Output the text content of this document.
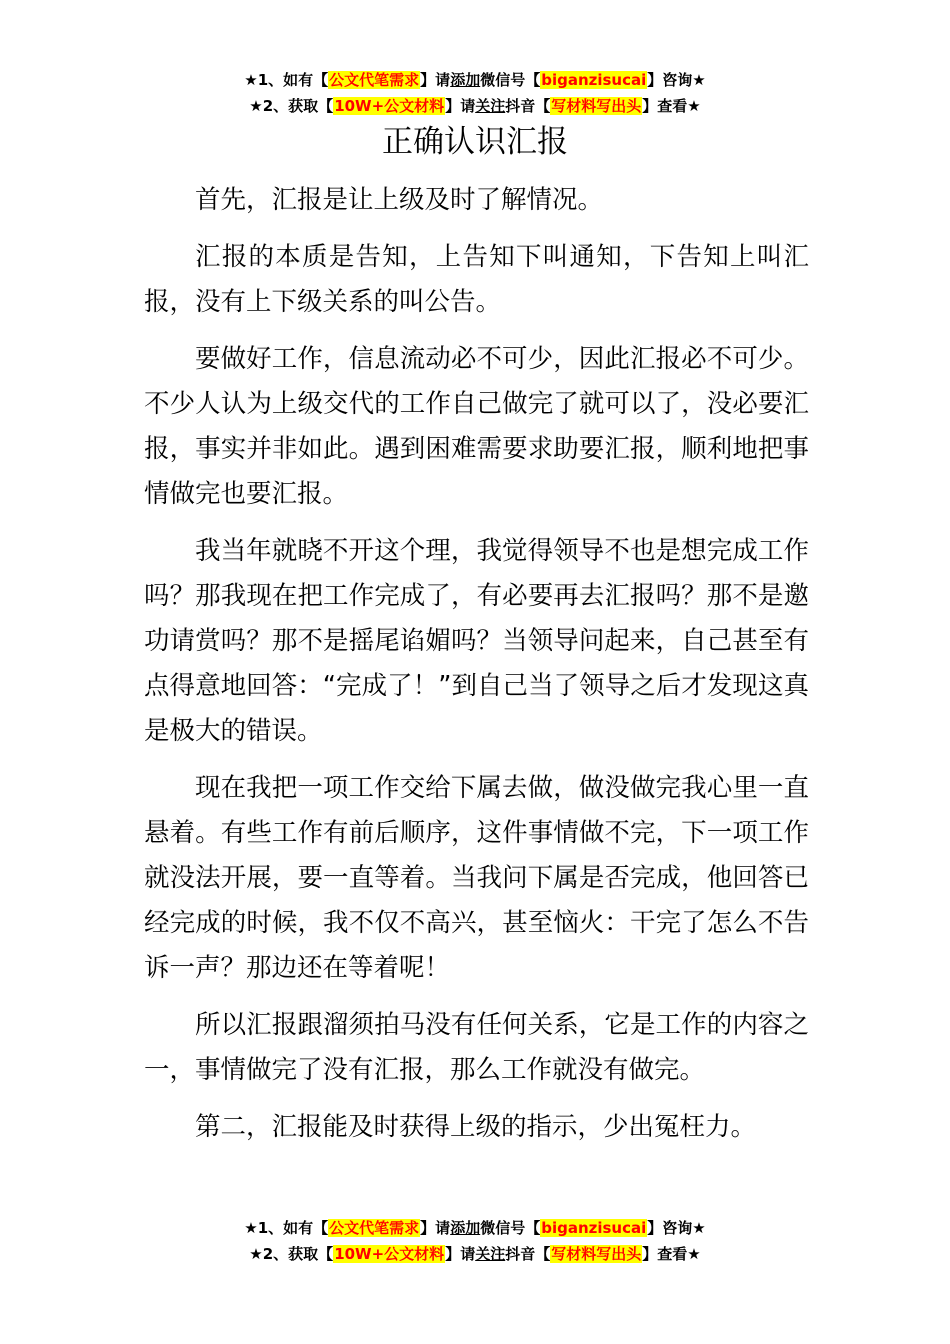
★1、如有【公文代笔需求】请添加微信号【biganzisucai】咨询★
★2、获取【10W+公文材料】请关注抖音【写材料写出头】查看★
正确认识汇报

首先，汇报是让上级及时了解情况。

汇报的本质是告知，上告知下叫通知，下告知上叫汇报，没有上下级关系的叫公告。

要做好工作，信息流动必不可少，因此汇报必不可少。不少人认为上级交代的工作自己做完了就可以了，没必要汇报，事实并非如此。遇到困难需要求助要汇报，顺利地把事情做完也要汇报。

我当年就晓不开这个理，我觉得领导不也是想完成工作吗？那我现在把工作完成了，有必要再去汇报吗？那不是邀功请赏吗？那不是摇尾谄媚吗？当领导问起来，自己甚至有点得意地回答：“完成了！”到自己当了领导之后才发现这真是极大的错误。

现在我把一项工作交给下属去做，做没做完我心里一直悬着。有些工作有前后顺序，这件事情做不完，下一项工作就没法开展，要一直等着。当我问下属是否完成，他回答已经完成的时候，我不仅不高兴，甚至恼火：干完了怎么不告诉一声？那边还在等着呢！

所以汇报跟溜须拍马没有任何关系，它是工作的内容之一，事情做完了没有汇报，那么工作就没有做完。

第二，汇报能及时获得上级的指示，少出冤枉力。

★1、如有【公文代笔需求】请添加微信号【biganzisucai】咨询★
★2、获取【10W+公文材料】请关注抖音【写材料写出头】查看★
